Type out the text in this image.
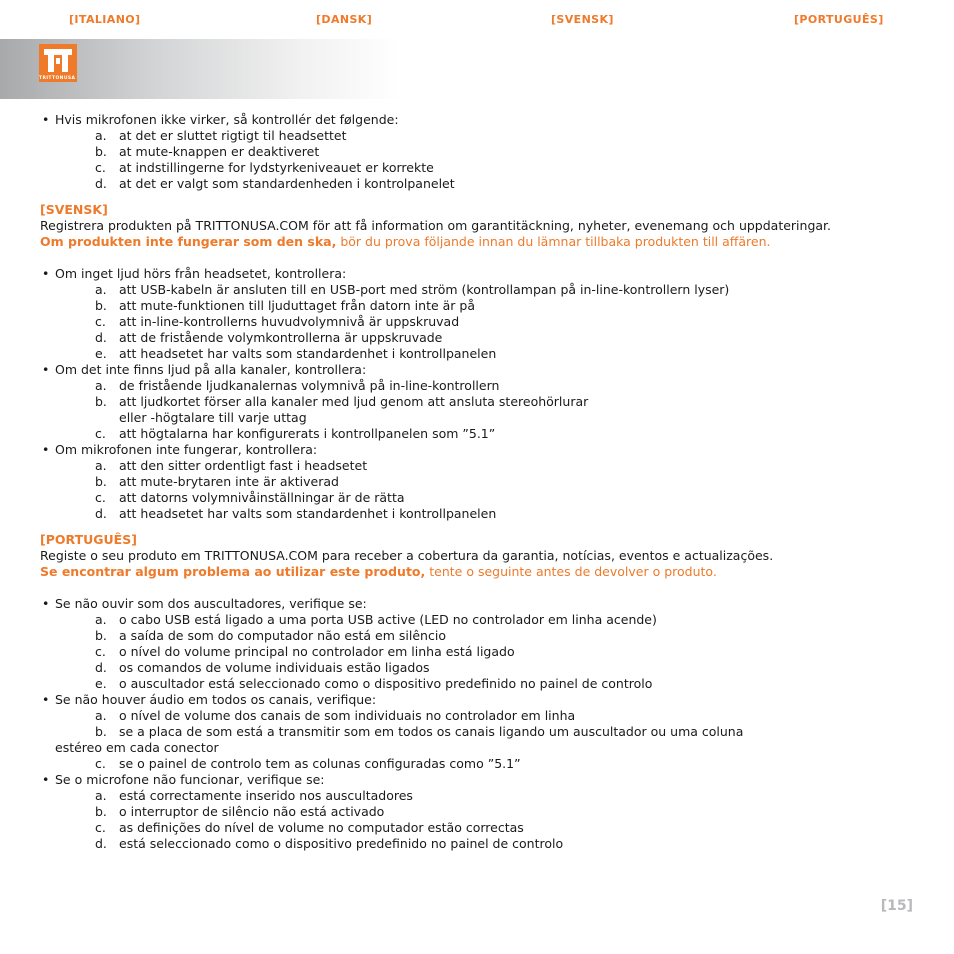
[ITALIANO]	[DANSK]	[SVENSK]	[PORTUGUÊS]
TRITTONUSA
• Hvis mikrofonen ikke virker, så kontrollér det følgende:
a. at det er sluttet rigtigt til headsettet
b. at mute-knappen er deaktiveret
c. at indstillingerne for lydstyrkeniveauet er korrekte
d. at det er valgt som standardenheden i kontrolpanelet
[SVENSK]
Registrera produkten på TRITTONUSA.COM för att få information om garantitäckning, nyheter, evenemang och uppdateringar.
Om produkten inte fungerar som den ska, bör du prova följande innan du lämnar tillbaka produkten till affären.
• Om inget ljud hörs från headsetet, kontrollera:
a. att USB-kabeln är ansluten till en USB-port med ström (kontrollampan på in-line-kontrollern lyser)
b. att mute-funktionen till ljuduttaget från datorn inte är på
c. att in-line-kontrollerns huvudvolymnivå är uppskruvad
d. att de fristående volymkontrollerna är uppskruvade
e. att headsetet har valts som standardenhet i kontrollpanelen
• Om det inte finns ljud på alla kanaler, kontrollera:
a. de fristående ljudkanalernas volymnivå på in-line-kontrollern
b. att ljudkortet förser alla kanaler med ljud genom att ansluta stereohörlurar
eller -högtalare till varje uttag
c. att högtalarna har konfigurerats i kontrollpanelen som ”5.1”
• Om mikrofonen inte fungerar, kontrollera:
a. att den sitter ordentligt fast i headsetet
b. att mute-brytaren inte är aktiverad
c. att datorns volymnivåinställningar är de rätta
d. att headsetet har valts som standardenhet i kontrollpanelen
[PORTUGUÊS]
Registe o seu produto em TRITTONUSA.COM para receber a cobertura da garantia, notícias, eventos e actualizações.
Se encontrar algum problema ao utilizar este produto, tente o seguinte antes de devolver o produto.
• Se não ouvir som dos auscultadores, verifique se:
a. o cabo USB está ligado a uma porta USB active (LED no controlador em linha acende)
b. a saída de som do computador não está em silêncio
c. o nível do volume principal no controlador em linha está ligado
d. os comandos de volume individuais estão ligados
e. o auscultador está seleccionado como o dispositivo predefinido no painel de controlo
• Se não houver áudio em todos os canais, verifique:
a. o nível de volume dos canais de som individuais no controlador em linha
b. se a placa de som está a transmitir som em todos os canais ligando um auscultador ou uma coluna
estéreo em cada conector
c. se o painel de controlo tem as colunas configuradas como ”5.1”
• Se o microfone não funcionar, verifique se:
a. está correctamente inserido nos auscultadores
b. o interruptor de silêncio não está activado
c. as definições do nível de volume no computador estão correctas
d. está seleccionado como o dispositivo predefinido no painel de controlo
[15]
